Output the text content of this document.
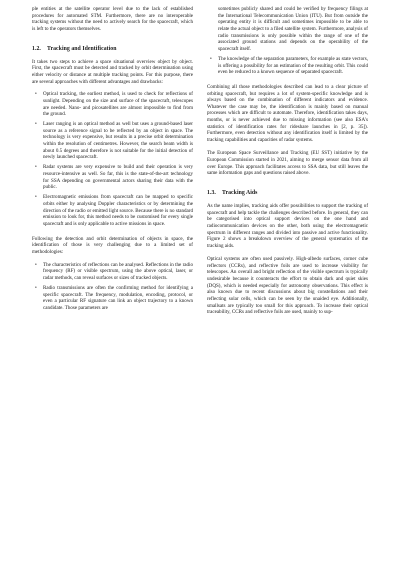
ple entities at the satellite operator level due to the lack of established procedures for automated STM. Furthermore, there are no interoperable tracking systems without the need to actively search for the spacecraft, which is left to the operators themselves.

1.2. Tracking and Identification

It takes two steps to achieve a space situational overview object by object. First, the spacecraft must be detected and tracked by orbit determination using either velocity or distance at multiple tracking points. For this purpose, there are several approaches with different advantages and drawbacks:

• Optical tracking, the earliest method, is used to check for reflections of sunlight. Depending on the size and surface of the spacecraft, telescopes are needed. Nano- and picosatellites are almost impossible to find from the ground.
• Laser ranging is an optical method as well but uses a ground-based laser source as a reference signal to be reflected by an object in space. The technology is very expensive, but results in a precise orbit determination within the resolution of centimetres. However, the search beam width is about 0.5 degrees and therefore is not suitable for the initial detection of newly launched spacecraft.
• Radar systems are very expensive to build and their operation is very resource-intensive as well. So far, this is the state-of-the-art technology for SSA depending on governmental actors sharing their data with the public.
• Electromagnetic emissions from spacecraft can be mapped to specific orbits either by analysing Doppler characteristics or by determining the direction of the radio or emitted light source. Because there is no standard emission to look for, this method needs to be customised for every single spacecraft and is only applicable to active missions in space.

Following the detection and orbit determination of objects in space, the identification of those is very challenging due to a limited set of methodologies:

• The characteristics of reflections can be analysed. Reflections in the radio frequency (RF) or visible spectrum, using the above optical, laser, or radar methods, can reveal surfaces or sizes of tracked objects.
• Radio transmissions are often the confirming method for identifying a specific spacecraft. The frequency, modulation, encoding, protocol, or even a particular RF signature can link an object trajectory to a known candidate. Those parameters are

sometimes publicly shared and could be verified by frequency filings at the International Telecommunication Union (ITU). But from outside the operating entity it is difficult and sometimes impossible to be able to relate the actual object to a filed satellite system. Furthermore, analysis of radio transmissions is only possible within the range of one of the associated ground stations and depends on the operability of the spacecraft itself.

• The knowledge of the separation parameters, for example as state vectors, is offering a possibility for an estimation of the resulting orbit. This could even be reduced to a known sequence of separated spacecraft.

Combining all those methodologies described can lead to a clear picture of orbiting spacecraft, but requires a lot of system-specific knowledge and is always based on the combination of different indicators and evidence. Whatever the case may be, the identification is mainly based on manual processes which are difficult to automate. Therefore, identification takes days, months, or is never achieved due to missing information (see also ESA's statistics of identification rates for ridesharе launches in [2, p. 35]). Furthermore, even detection without any identification itself is limited by the tracking capabilities and capacities of radar systems.

The European Space Surveillance and Tracking (EU SST) initiative by the European Commission started in 2021, aiming to merge sensor data from all over Europe. This approach facilitates access to SSA data, but still leaves the same information gaps and questions raised above.

1.3. Tracking Aids

As the name implies, tracking aids offer possibilities to support the tracking of spacecraft and help tackle the challenges described before. In general, they can be categorised into optical support devices on the one hand and radiocommunication devices on the other, both using the electromagnetic spectrum in different ranges and divided into passive and active functionality. Figure 2 shows a breakdown overview of the general systematics of the tracking aids.

Optical systems are often used passively. High-albedo surfaces, corner cube reflectors (CCRs), and reflective foils are used to increase visibility for telescopes. An overall and bright reflection of the visible spectrum is typically undesirable because it counteracts the effort to obtain dark and quiet skies (DQS), which is needed especially for astronomy observations. This effect is also known due to recent discussions about big constellations and their reflecting solar cells, which can be seen by the unaided eye. Additionally, smallsats are typically too small for this approach. To increase their optical traceability, CCRs and reflective foils are used, mainly to sup-
